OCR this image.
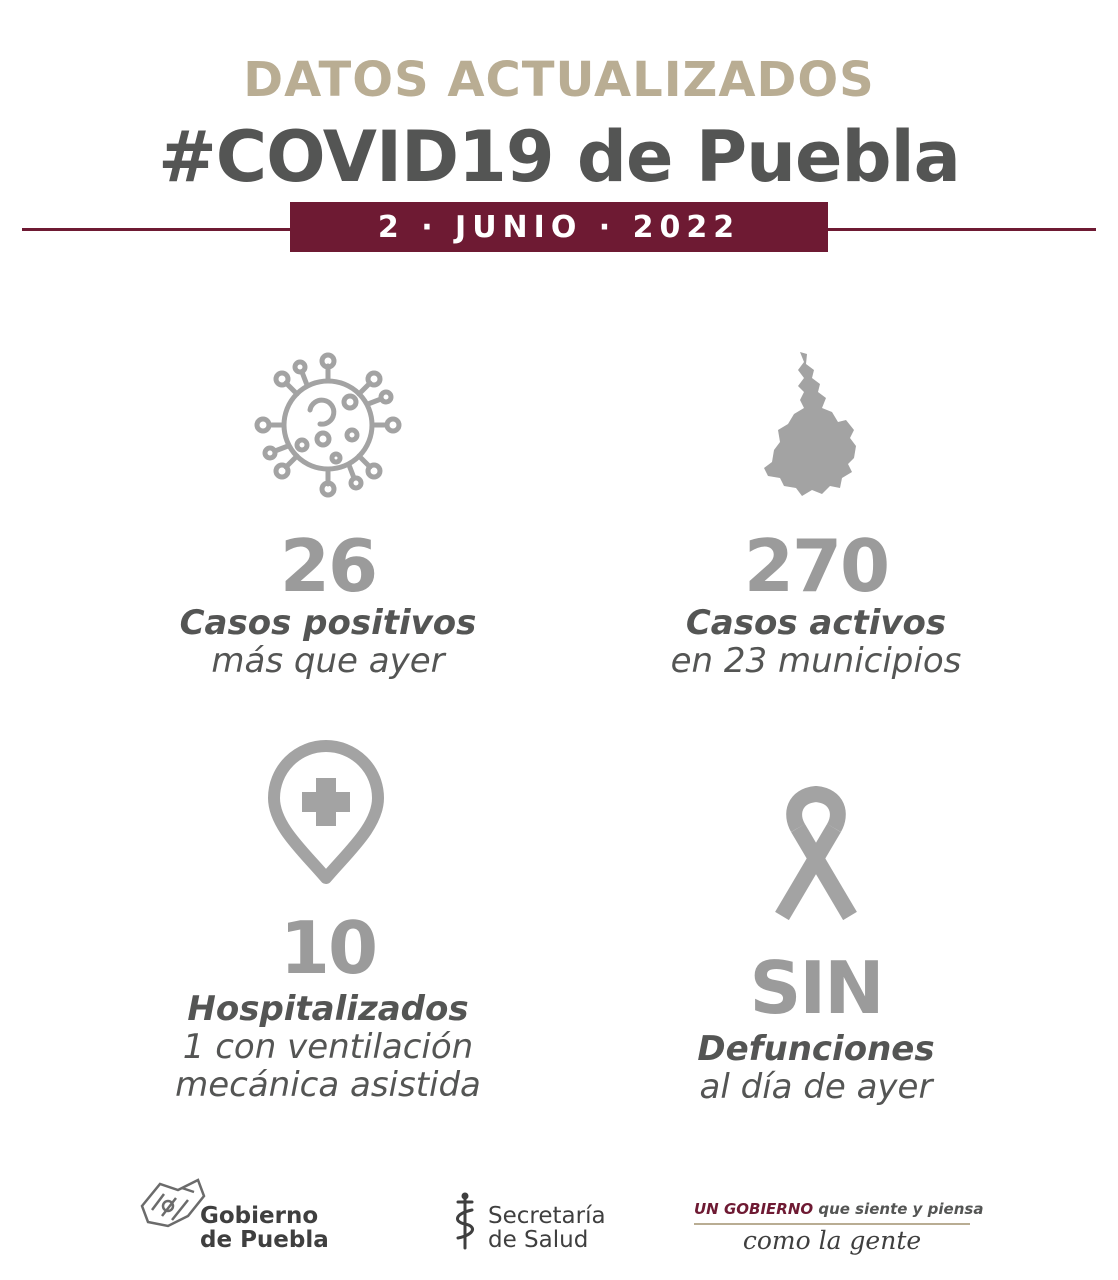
DATOS ACTUALIZADOS
#COVID19 de Puebla
2 · JUNIO · 2022
26
Casos positivos
más que ayer
270
Casos activos
en 23 municipios
10
Hospitalizados
1 con ventilación
mecánica asistida
SIN
Defunciones
al día de ayer
Gobierno
de Puebla
Secretaría
de Salud
UN GOBIERNO que siente y piensa
como la gente
